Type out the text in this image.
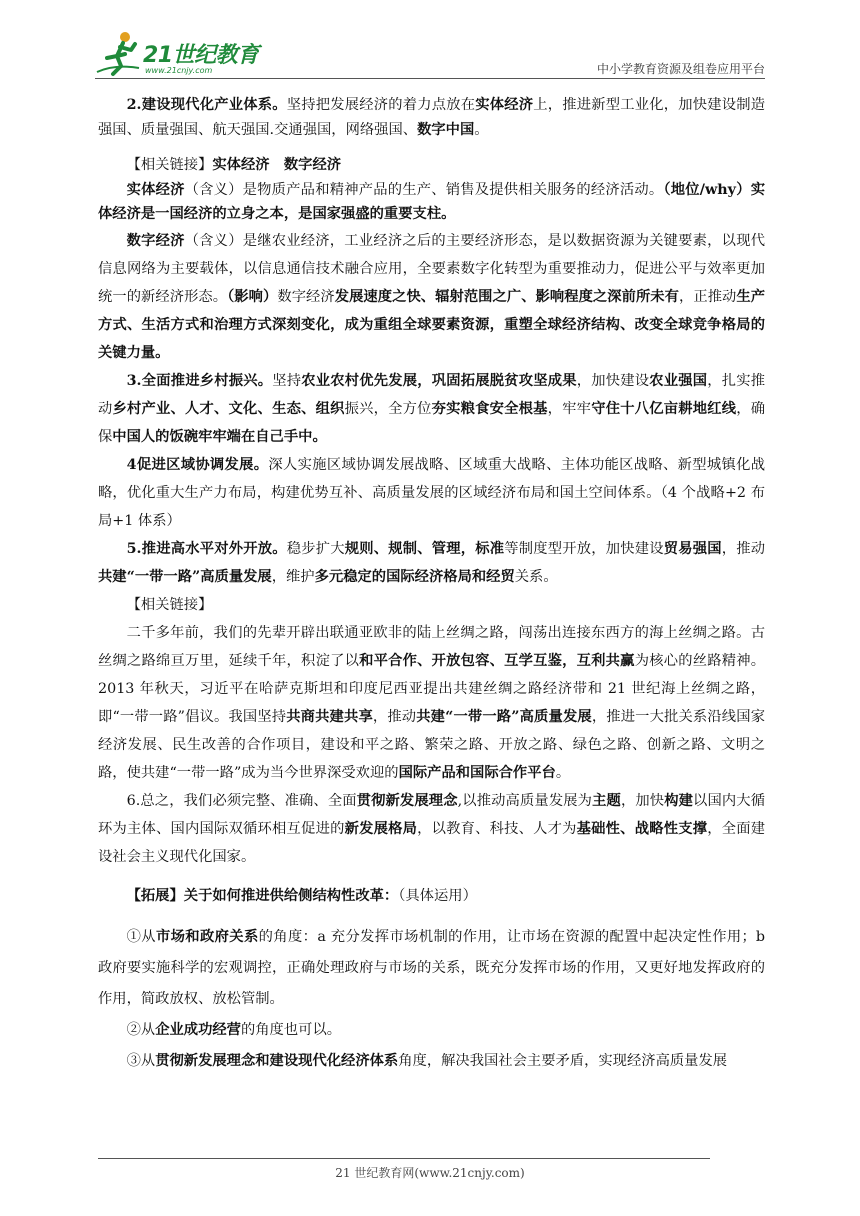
21世纪教育
www.21cnjy.com	中小学教育资源及组卷应用平台

2.建设现代化产业体系。坚持把发展经济的着力点放在实体经济上，推进新型工业化，加快建设制造强国、质量强国、航天强国.交通强国，网络强国、数字中国。

【相关链接】实体经济　数字经济

实体经济（含义）是物质产品和精神产品的生产、销售及提供相关服务的经济活动。（地位/why）实体经济是一国经济的立身之本，是国家强盛的重要支柱。

数字经济（含义）是继农业经济，工业经济之后的主要经济形态，是以数据资源为关键要素，以现代信息网络为主要载体，以信息通信技术融合应用，全要素数字化转型为重要推动力，促进公平与效率更加统一的新经济形态。（影响）数字经济发展速度之快、辐射范围之广、影响程度之深前所未有，正推动生产方式、生活方式和治理方式深刻变化，成为重组全球要素资源，重塑全球经济结构、改变全球竞争格局的关键力量。

3.全面推进乡村振兴。坚持农业农村优先发展，巩固拓展脱贫攻坚成果，加快建设农业强国，扎实推动乡村产业、人才、文化、生态、组织振兴，全方位夯实粮食安全根基，牢牢守住十八亿亩耕地红线，确保中国人的饭碗牢牢端在自己手中。

4促进区域协调发展。深人实施区域协调发展战略、区域重大战略、主体功能区战略、新型城镇化战略，优化重大生产力布局，构建优势互补、高质量发展的区域经济布局和国土空间体系。（4 个战略+2 布局+1 体系）

5.推进高水平对外开放。稳步扩大规则、规制、管理，标准等制度型开放，加快建设贸易强国，推动共建“一带一路”高质量发展，维护多元稳定的国际经济格局和经贸关系。

【相关链接】

二千多年前，我们的先辈开辟出联通亚欧非的陆上丝绸之路，闯荡出连接东西方的海上丝绸之路。古丝绸之路绵亘万里，延续千年，积淀了以和平合作、开放包容、互学互鉴，互利共赢为核心的丝路精神。2013 年秋天，习近平在哈萨克斯坦和印度尼西亚提出共建丝绸之路经济带和 21 世纪海上丝绸之路，即“一带一路”倡议。我国坚持共商共建共享，推动共建“一带一路”高质量发展，推进一大批关系沿线国家经济发展、民生改善的合作项目，建设和平之路、繁荣之路、开放之路、绿色之路、创新之路、文明之路，使共建“一带一路”成为当今世界深受欢迎的国际产品和国际合作平台。

6.总之，我们必须完整、准确、全面贯彻新发展理念,以推动高质量发展为主题，加快构建以国内大循环为主体、国内国际双循环相互促进的新发展格局，以教育、科技、人才为基础性、战略性支撑，全面建设社会主义现代化国家。

【拓展】关于如何推进供给侧结构性改革：（具体运用）

①从市场和政府关系的角度：a 充分发挥市场机制的作用，让市场在资源的配置中起决定性作用；b 政府要实施科学的宏观调控，正确处理政府与市场的关系，既充分发挥市场的作用，又更好地发挥政府的作用，简政放权、放松管制。

②从企业成功经营的角度也可以。

③从贯彻新发展理念和建设现代化经济体系角度，解决我国社会主要矛盾，实现经济高质量发展

21 世纪教育网(www.21cnjy.com)
